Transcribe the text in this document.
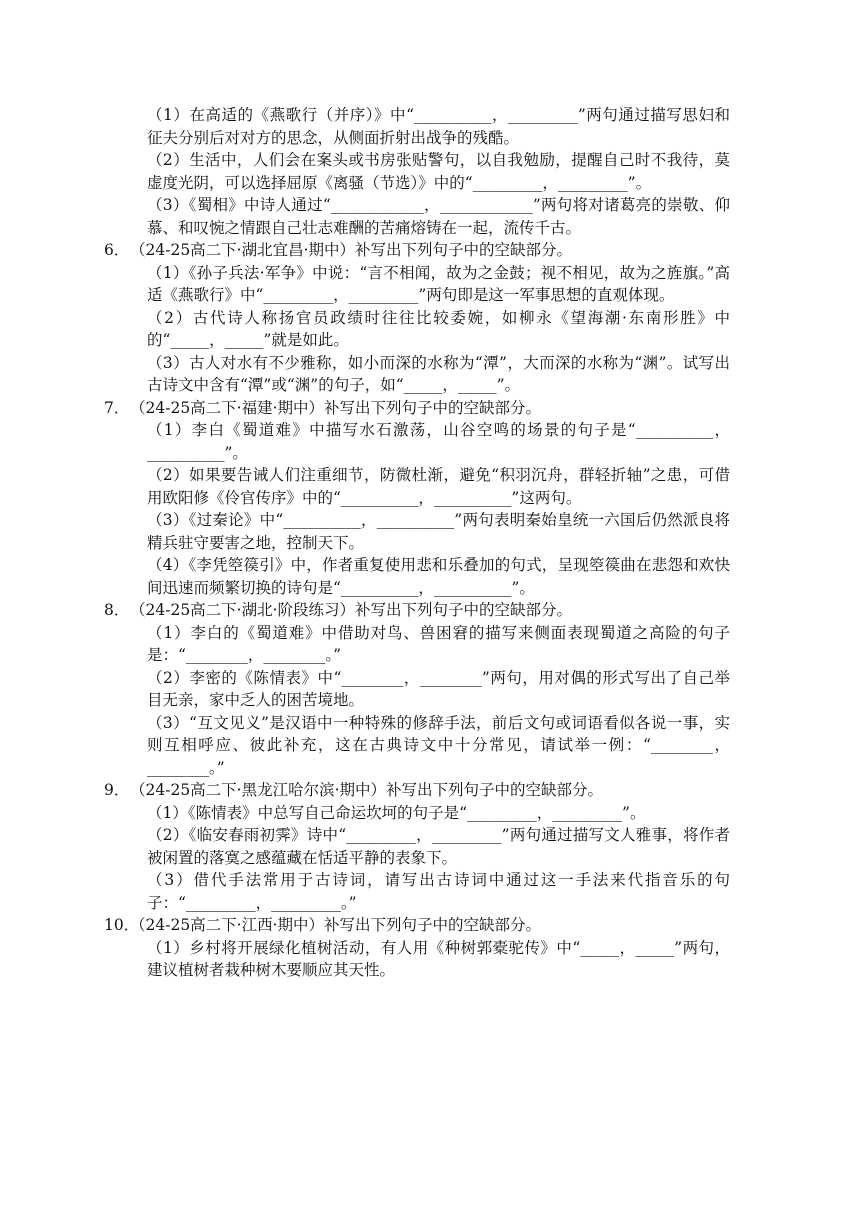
（1）在高适的《燕歌行（并序）》中“__________，_________”两句通过描写思妇和征夫分别后对对方的思念，从侧面折射出战争的残酷。

（2）生活中，人们会在案头或书房张贴警句，以自我勉励，提醒自己时不我待，莫虚度光阴，可以选择屈原《离骚（节选）》中的“_________，_________”。

（3）《蜀相》中诗人通过“____________，____________”两句将对诸葛亮的崇敬、仰慕、和叹惋之情跟自己壮志难酬的苦痛熔铸在一起，流传千古。

6．（24-25高二下·湖北宜昌·期中）补写出下列句子中的空缺部分。

（1）《孙子兵法·军争》中说：“言不相闻，故为之金鼓；视不相见，故为之旌旗。”高适《燕歌行》中“_________，_________”两句即是这一军事思想的直观体现。

（2）古代诗人称扬官员政绩时往往比较委婉，如柳永《望海潮·东南形胜》中的“_____，_____”就是如此。

（3）古人对水有不少雅称，如小而深的水称为“潭”，大而深的水称为“渊”。试写出古诗文中含有“潭”或“渊”的句子，如“_____，_____”。

7．（24-25高二下·福建·期中）补写出下列句子中的空缺部分。

（1）李白《蜀道难》中描写水石激荡，山谷空鸣的场景的句子是“__________，__________”。

（2）如果要告诫人们注重细节，防微杜渐，避免“积羽沉舟，群轻折轴”之患，可借用欧阳修《伶官传序》中的“__________，__________”这两句。

（3）《过秦论》中“__________，__________”两句表明秦始皇统一六国后仍然派良将精兵驻守要害之地，控制天下。

（4）《李凭箜篌引》中，作者重复使用悲和乐叠加的句式，呈现箜篌曲在悲怨和欢快间迅速而频繁切换的诗句是“__________，__________”。

8．（24-25高二下·湖北·阶段练习）补写出下列句子中的空缺部分。

（1）李白的《蜀道难》中借助对鸟、兽困窘的描写来侧面表现蜀道之高险的句子是：“________，________。”

（2）李密的《陈情表》中“________，________”两句，用对偶的形式写出了自己举目无亲，家中乏人的困苦境地。

（3）“互文见义”是汉语中一种特殊的修辞手法，前后文句或词语看似各说一事，实则互相呼应、彼此补充，这在古典诗文中十分常见，请试举一例：“________，________。”

9．（24-25高二下·黑龙江哈尔滨·期中）补写出下列句子中的空缺部分。

（1）《陈情表》中总写自己命运坎坷的句子是“_________，_________”。

（2）《临安春雨初霁》诗中“_________，_________”两句通过描写文人雅事，将作者被闲置的落寞之感蕴藏在恬适平静的表象下。

（3）借代手法常用于古诗词，请写出古诗词中通过这一手法来代指音乐的句子：“_________，_________。”

10．（24-25高二下·江西·期中）补写出下列句子中的空缺部分。

（1）乡村将开展绿化植树活动，有人用《种树郭橐驼传》中“_____，_____”两句，建议植树者栽种树木要顺应其天性。
